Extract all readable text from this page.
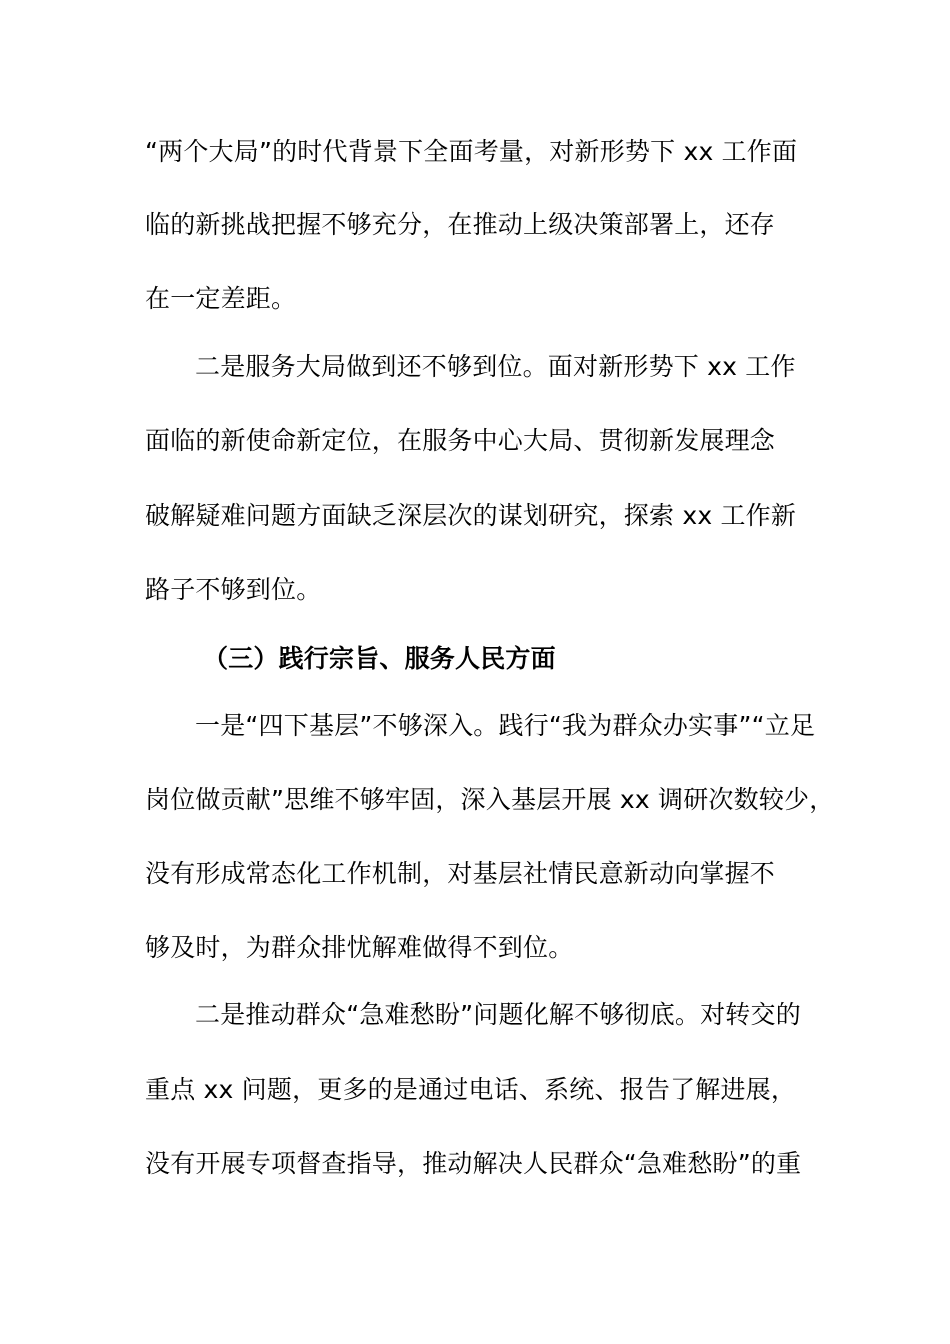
“两个大局”的时代背景下全面考量，对新形势下 xx 工作面
临的新挑战把握不够充分，在推动上级决策部署上，还存
在一定差距。
二是服务大局做到还不够到位。面对新形势下 xx 工作
面临的新使命新定位，在服务中心大局、贯彻新发展理念
破解疑难问题方面缺乏深层次的谋划研究，探索 xx 工作新
路子不够到位。
（三）践行宗旨、服务人民方面
一是“四下基层”不够深入。践行“我为群众办实事”“立足
岗位做贡献”思维不够牢固，深入基层开展 xx 调研次数较少，
没有形成常态化工作机制，对基层社情民意新动向掌握不
够及时，为群众排忧解难做得不到位。
二是推动群众“急难愁盼”问题化解不够彻底。对转交的
重点 xx 问题，更多的是通过电话、系统、报告了解进展，
没有开展专项督查指导，推动解决人民群众“急难愁盼”的重
